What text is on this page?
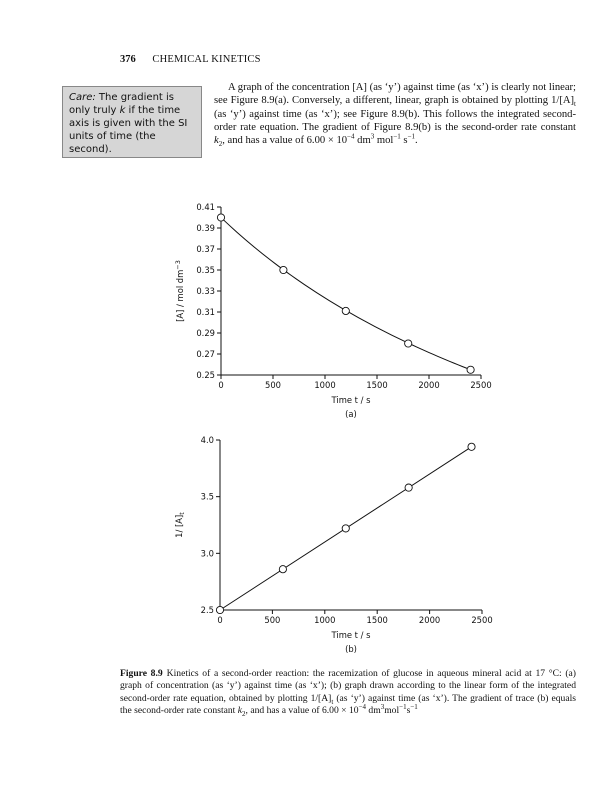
376 CHEMICAL KINETICS
Care: The gradient is only truly k if the time axis is given with the SI units of time (the second).
A graph of the concentration [A] (as ‘y’) against time (as ‘x’) is clearly not linear; see Figure 8.9(a). Conversely, a different, linear, graph is obtained by plotting $1/[A]_t$ (as ‘y’) against time (as ‘x’); see Figure 8.9(b). This follows the integrated second-order rate equation. The gradient of Figure 8.9(b) is the second-order rate constant $k_2$, and has a value of $6.00 \times 10^{-4}$ $dm^3$ mol$^{-1}$ $s^{-1}$.
0	500	1000	1500	2000	2500
0.25
0.27
0.29
0.31
0.33
0.35
0.37
0.39
0.41
Time t / s
(a)
[A] / mol $dm^{-3}$
0	500	1000	1500	2000	2500
2.5
3.0
3.5
4.0
Time t / s
(b)
1/ $[A]_t$
Figure 8.9 Kinetics of a second-order reaction: the racemization of glucose in aqueous mineral acid at 17 °C: (a) graph of concentration (as ‘y’) against time (as ‘x’); (b) graph drawn according to the linear form of the integrated second-order rate equation, obtained by plotting $1/[A]_t$ (as ‘y’) against time (as ‘x’). The gradient of trace (b) equals the second-order rate constant $k_2$, and has a value of $6.00 \times 10^{-4}$ $dm^3mol^{-1}s^{-1}$
